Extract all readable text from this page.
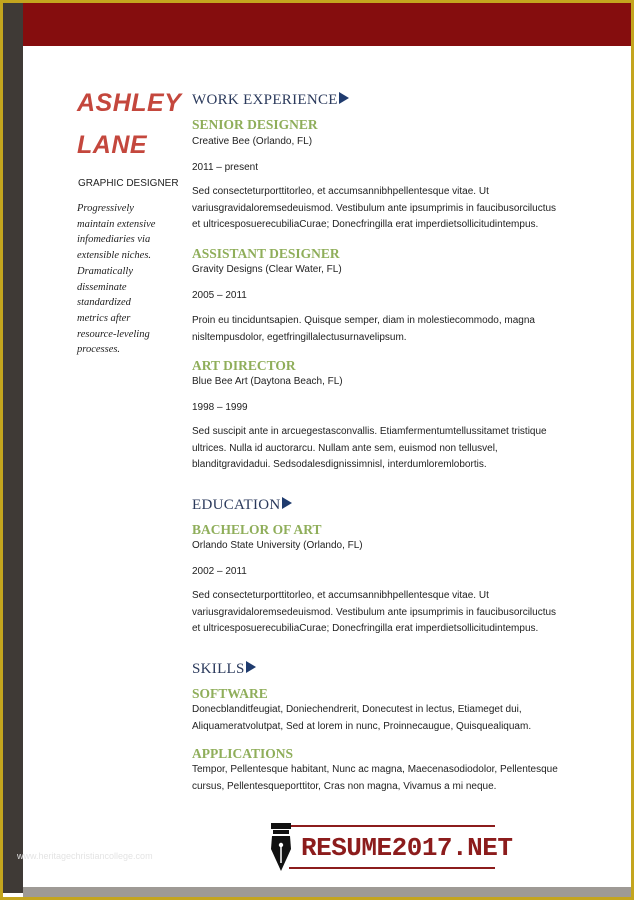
ASHLEY
LANE
GRAPHIC DESIGNER
Progressively
maintain extensive
infomediaries via
extensible niches.
Dramatically
disseminate
standardized
metrics after
resource-leveling
processes.
WORK EXPERIENCE
SENIOR DESIGNER
Creative Bee (Orlando, FL)
2011 – present
Sed consecteturporttitorleo, et accumsannibhpellentesque vitae. Ut
variusgravidaloremsedeuismod. Vestibulum ante ipsumprimis in faucibusorciluctus
et ultricesposuerecubiliaCurae; Donecfringilla erat imperdietsollicitudintempus.
ASSISTANT DESIGNER
Gravity Designs (Clear Water, FL)
2005 – 2011
Proin eu tinciduntsapien. Quisque semper, diam in molestiecommodo, magna
nisltempusdolor, egetfringillalectusurnavelipsum.
ART DIRECTOR
Blue Bee Art (Daytona Beach, FL)
1998 – 1999
Sed suscipit ante in arcuegestasconvallis. Etiamfermentumtellussitamet tristique
ultrices. Nulla id auctorarcu. Nullam ante sem, euismod non tellusvel,
blanditgravidadui. Sedsodalesdignissimnisl, interdumloremlobortis.
EDUCATION
BACHELOR OF ART
Orlando State University (Orlando, FL)
2002 – 2011
Sed consecteturporttitorleo, et accumsannibhpellentesque vitae. Ut
variusgravidaloremsedeuismod. Vestibulum ante ipsumprimis in faucibusorciluctus
et ultricesposuerecubiliaCurae; Donecfringilla erat imperdietsollicitudintempus.
SKILLS
SOFTWARE
Donecblanditfeugiat, Doniechendrerit, Donecutest in lectus, Etiameget dui,
Aliquameratvolutpat, Sed at lorem in nunc, Proinnecaugue, Quisquealiquam.
APPLICATIONS
Tempor, Pellentesque habitant, Nunc ac magna, Maecenasodiodolor, Pellentesque
cursus, Pellentesqueporttitor, Cras non magna, Vivamus a mi neque.
RESUME2017.NET
www.heritagechristiancollege.com
